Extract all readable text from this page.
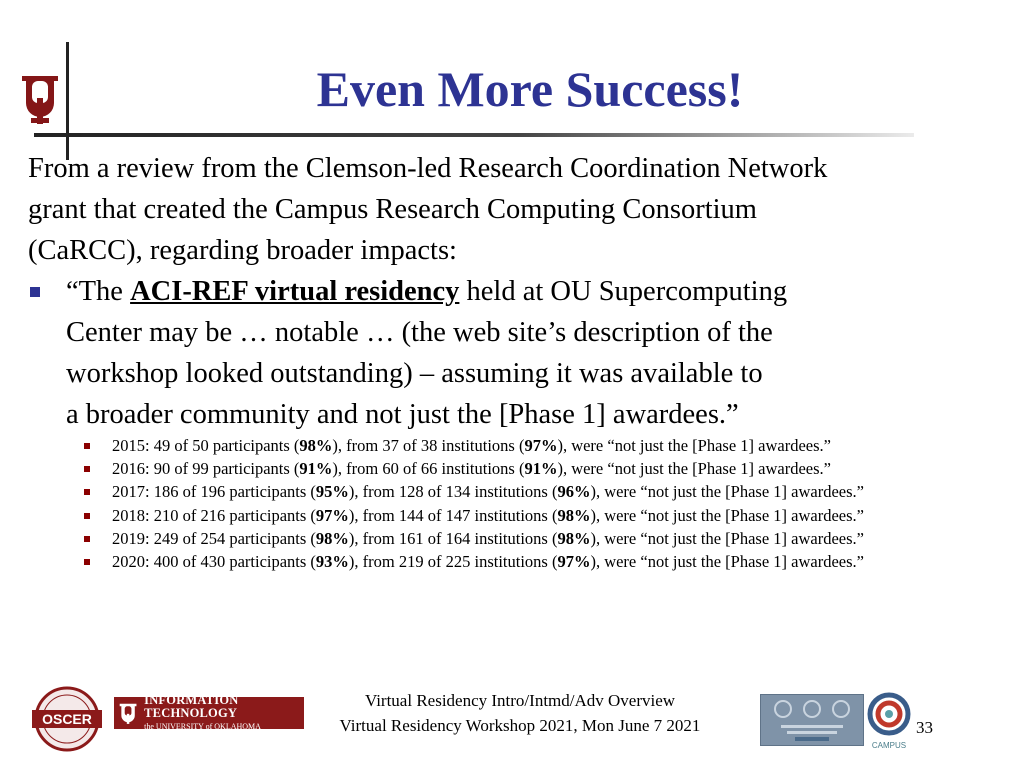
Even More Success!
From a review from the Clemson-led Research Coordination Network
grant that created the Campus Research Computing Consortium
(CaRCC), regarding broader impacts:
“The ACI-REF virtual residency held at OU Supercomputing
Center may be … notable … (the web site’s description of the
workshop looked outstanding) – assuming it was available to
a broader community and not just the [Phase 1] awardees.”
2015: 49 of 50 participants (98%), from 37 of 38 institutions (97%), were “not just the [Phase 1] awardees.”
2016: 90 of 99 participants (91%), from 60 of 66 institutions (91%), were “not just the [Phase 1] awardees.”
2017: 186 of 196 participants (95%), from 128 of 134 institutions (96%), were “not just the [Phase 1] awardees.”
2018: 210 of 216 participants (97%), from 144 of 147 institutions (98%), were “not just the [Phase 1] awardees.”
2019: 249 of 254 participants (98%), from 161 of 164 institutions (98%), were “not just the [Phase 1] awardees.”
2020: 400 of 430 participants (93%), from 219 of 225 institutions (97%), were “not just the [Phase 1] awardees.”
OSCER
INFORMATION TECHNOLOGY
the UNIVERSITY of OKLAHOMA
Virtual Residency Intro/Intmd/Adv Overview
Virtual Residency Workshop 2021, Mon June 7 2021
CAMPUS
33
